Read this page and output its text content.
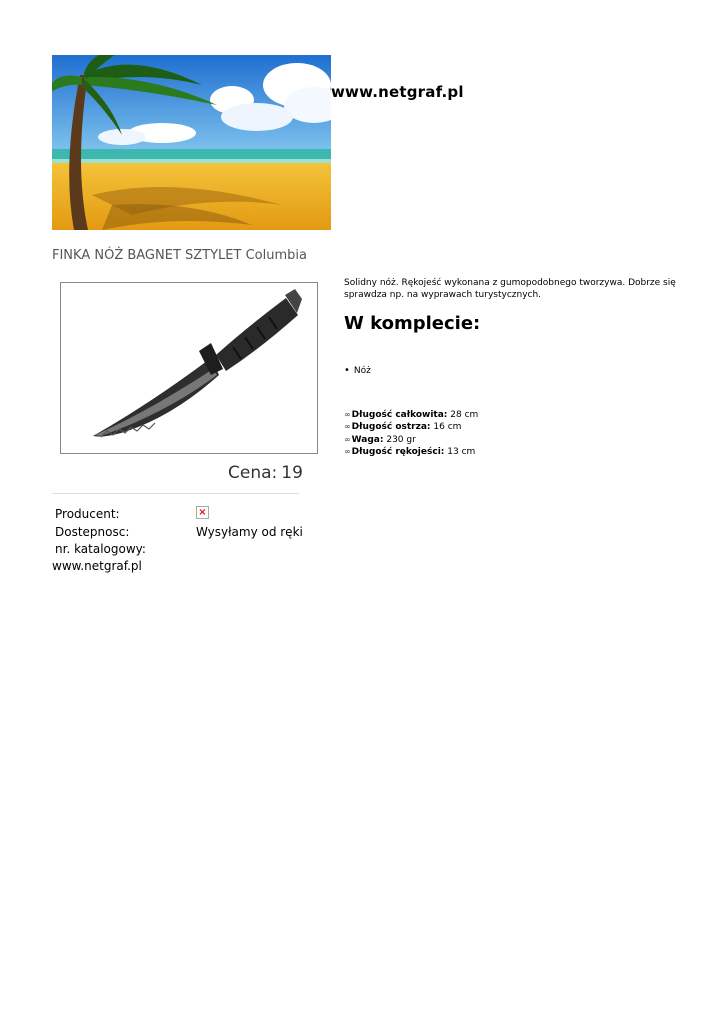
www.netgraf.pl
FINKA NÓŻ BAGNET SZTYLET Columbia
Cena: 19
Producent:	×
Dostepnosc:	Wysyłamy od ręki
nr. katalogowy:
www.netgraf.pl
Solidny nóż. Rękojeść wykonana z gumopodobnego tworzywa. Dobrze się sprawdza np. na wyprawach turystycznych.
W komplecie:
• Nóż
∞Długość całkowita: 28 cm
∞Długość ostrza: 16 cm
∞Waga: 230 gr
∞Długość rękojeści: 13 cm
